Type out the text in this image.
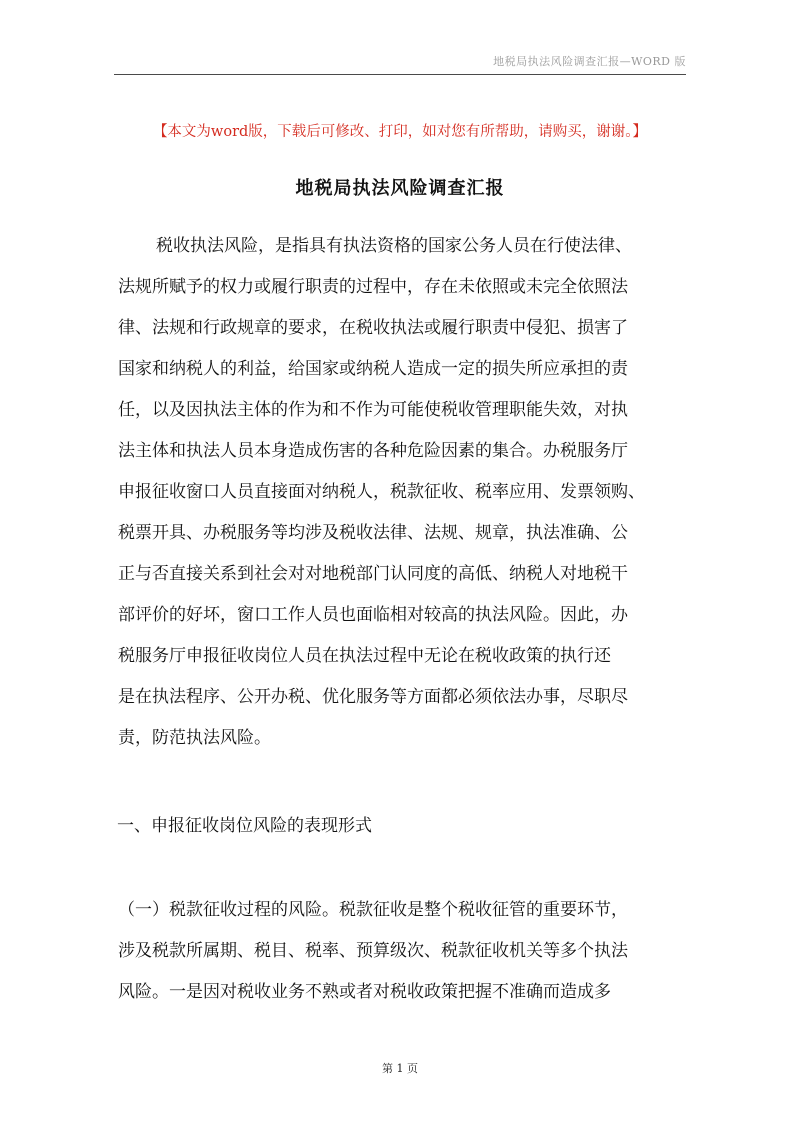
地税局执法风险调查汇报—WORD 版
【本文为word版，下载后可修改、打印，如对您有所帮助，请购买，谢谢。】
地税局执法风险调查汇报
税收执法风险，是指具有执法资格的国家公务人员在行使法律、
法规所赋予的权力或履行职责的过程中，存在未依照或未完全依照法
律、法规和行政规章的要求，在税收执法或履行职责中侵犯、损害了
国家和纳税人的利益，给国家或纳税人造成一定的损失所应承担的责
任，以及因执法主体的作为和不作为可能使税收管理职能失效，对执
法主体和执法人员本身造成伤害的各种危险因素的集合。办税服务厅
申报征收窗口人员直接面对纳税人，税款征收、税率应用、发票领购、
税票开具、办税服务等均涉及税收法律、法规、规章，执法准确、公
正与否直接关系到社会对对地税部门认同度的高低、纳税人对地税干
部评价的好坏，窗口工作人员也面临相对较高的执法风险。因此，办
税服务厅申报征收岗位人员在执法过程中无论在税收政策的执行还
是在执法程序、公开办税、优化服务等方面都必须依法办事，尽职尽
责，防范执法风险。
一、申报征收岗位风险的表现形式
（一）税款征收过程的风险。税款征收是整个税收征管的重要环节，
涉及税款所属期、税目、税率、预算级次、税款征收机关等多个执法
风险。一是因对税收业务不熟或者对税收政策把握不准确而造成多
第 1 页
